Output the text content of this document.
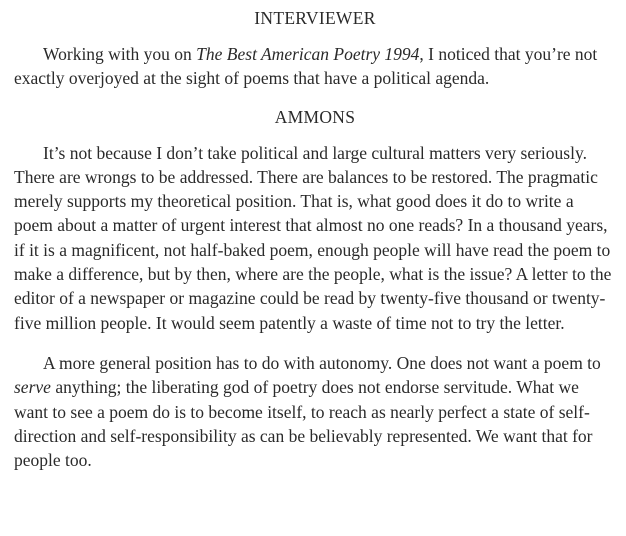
INTERVIEWER

Working with you on The Best American Poetry 1994, I noticed that you’re not exactly overjoyed at the sight of poems that have a political agenda.

AMMONS

It’s not because I don’t take political and large cultural matters very seriously. There are wrongs to be addressed. There are balances to be restored. The pragmatic merely supports my theoretical position. That is, what good does it do to write a poem about a matter of urgent interest that almost no one reads? In a thousand years, if it is a magnificent, not half-baked poem, enough people will have read the poem to make a difference, but by then, where are the people, what is the issue? A letter to the editor of a newspaper or magazine could be read by twenty-five thousand or twenty-five million people. It would seem patently a waste of time not to try the letter.

A more general position has to do with autonomy. One does not want a poem to serve anything; the liberating god of poetry does not endorse servitude. What we want to see a poem do is to become itself, to reach as nearly perfect a state of self-direction and self-responsibility as can be believably represented. We want that for people too.
